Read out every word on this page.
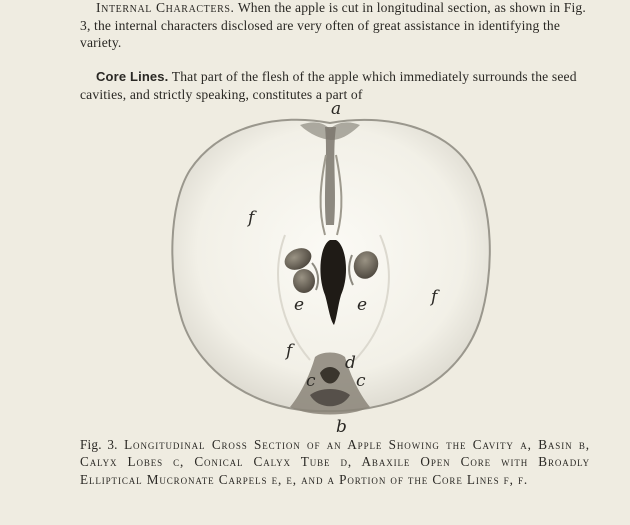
Internal Characters. When the apple is cut in longitudinal section, as shown in Fig. 3, the internal characters disclosed are very often of great assistance in identifying the variety.

Core Lines. That part of the flesh of the apple which immediately surrounds the seed cavities, and strictly speaking, constitutes a part of

a
b
c c
d
e	e
f
f
f

Fig. 3. Longitudinal Cross Section of an Apple Showing the Cavity a, Basin b, Calyx Lobes c, Conical Calyx Tube d, Abaxile Open Core with Broadly Elliptical Mucronate Carpels e, e, and a Portion of the Core Lines f, f.
